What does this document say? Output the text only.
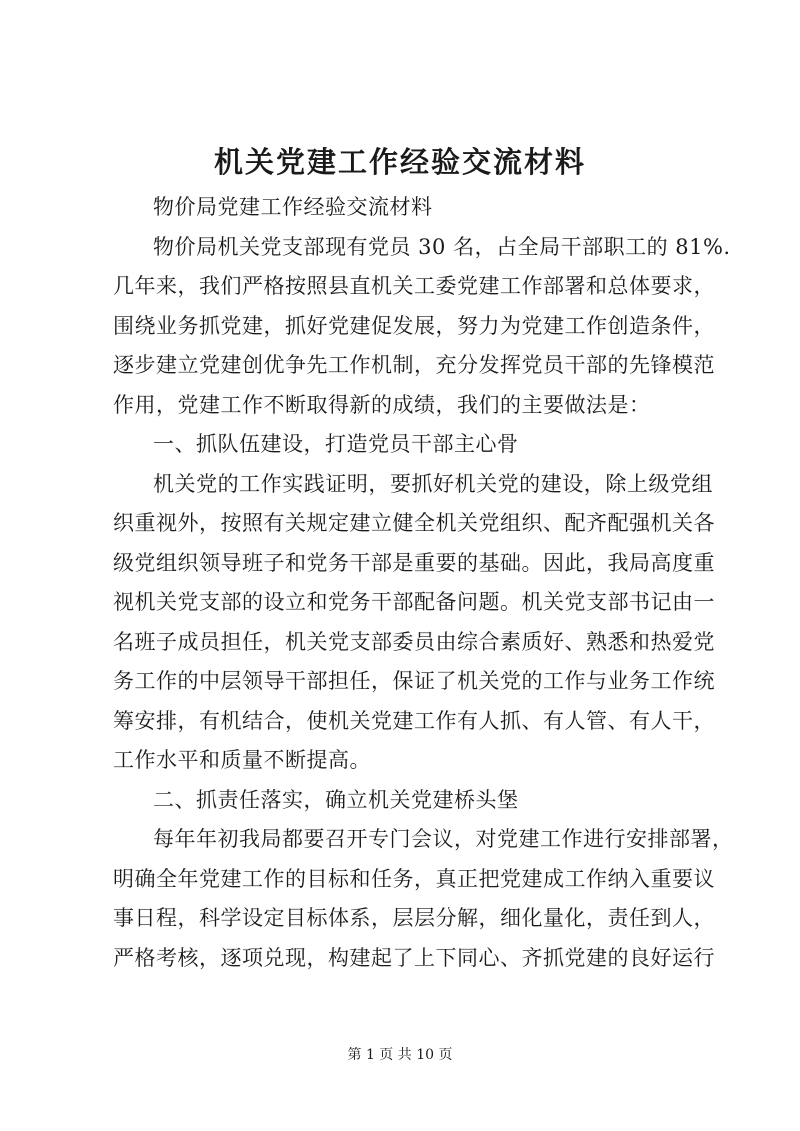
机关党建工作经验交流材料
物价局党建工作经验交流材料
物价局机关党支部现有党员 30 名，占全局干部职工的 81%.
几年来，我们严格按照县直机关工委党建工作部署和总体要求，
围绕业务抓党建，抓好党建促发展，努力为党建工作创造条件，
逐步建立党建创优争先工作机制，充分发挥党员干部的先锋模范
作用，党建工作不断取得新的成绩，我们的主要做法是：
一、抓队伍建设，打造党员干部主心骨
机关党的工作实践证明，要抓好机关党的建设，除上级党组
织重视外，按照有关规定建立健全机关党组织、配齐配强机关各
级党组织领导班子和党务干部是重要的基础。因此，我局高度重
视机关党支部的设立和党务干部配备问题。机关党支部书记由一
名班子成员担任，机关党支部委员由综合素质好、熟悉和热爱党
务工作的中层领导干部担任，保证了机关党的工作与业务工作统
筹安排，有机结合，使机关党建工作有人抓、有人管、有人干，
工作水平和质量不断提高。
二、抓责任落实，确立机关党建桥头堡
每年年初我局都要召开专门会议，对党建工作进行安排部署，
明确全年党建工作的目标和任务，真正把党建成工作纳入重要议
事日程，科学设定目标体系，层层分解，细化量化，责任到人，
严格考核，逐项兑现，构建起了上下同心、齐抓党建的良好运行
第 1 页 共 10 页
